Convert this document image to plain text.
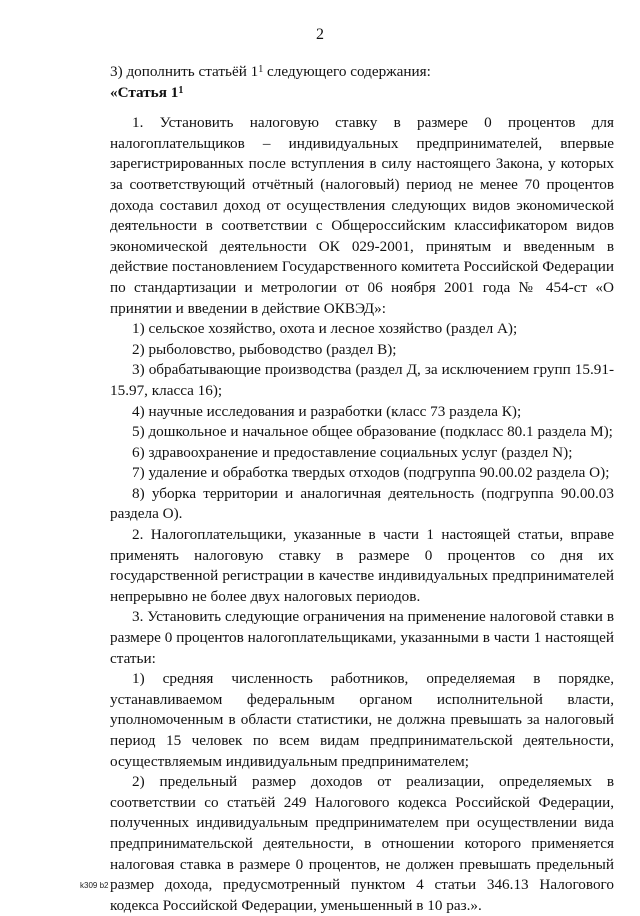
2

3) дополнить статьёй $1^1$ следующего содержания:

«Статья $1^1$

1. Установить налоговую ставку в размере 0 процентов для налогоплательщиков – индивидуальных предпринимателей, впервые зарегистрированных после вступления в силу настоящего Закона, у которых за соответствующий отчётный (налоговый) период не менее 70 процентов дохода составил доход от осуществления следующих видов экономической деятельности в соответствии с Общероссийским классификатором видов экономической деятельности ОК 029-2001, принятым и введенным в действие постановлением Государственного комитета Российской Федерации по стандартизации и метрологии от 06 ноября 2001 года № 454-ст «О принятии и введении в действие ОКВЭД»:

1) сельское хозяйство, охота и лесное хозяйство (раздел А);

2) рыболовство, рыбоводство (раздел В);

3) обрабатывающие производства (раздел Д, за исключением групп 15.91-15.97, класса 16);

4) научные исследования и разработки (класс 73 раздела К);

5) дошкольное и начальное общее образование (подкласс 80.1 раздела М);

6) здравоохранение и предоставление социальных услуг (раздел N);

7) удаление и обработка твердых отходов (подгруппа 90.00.02 раздела О);

8) уборка территории и аналогичная деятельность (подгруппа 90.00.03 раздела О).

2. Налогоплательщики, указанные в части 1 настоящей статьи, вправе применять налоговую ставку в размере 0 процентов со дня их государственной регистрации в качестве индивидуальных предпринимателей непрерывно не более двух налоговых периодов.

3. Установить следующие ограничения на применение налоговой ставки в размере 0 процентов налогоплательщиками, указанными в части 1 настоящей статьи:

1) средняя численность работников, определяемая в порядке, устанавливаемом федеральным органом исполнительной власти, уполномоченным в области статистики, не должна превышать за налоговый период 15 человек по всем видам предпринимательской деятельности, осуществляемым индивидуальным предпринимателем;

2) предельный размер доходов от реализации, определяемых в соответствии со статьёй 249 Налогового кодекса Российской Федерации, полученных индивидуальным предпринимателем при осуществлении вида предпринимательской деятельности, в отношении которого применяется налоговая ставка в размере 0 процентов, не должен превышать предельный размер дохода, предусмотренный пунктом 4 статьи 346.13 Налогового кодекса Российской Федерации, уменьшенный в 10 раз.».

k309 b2
